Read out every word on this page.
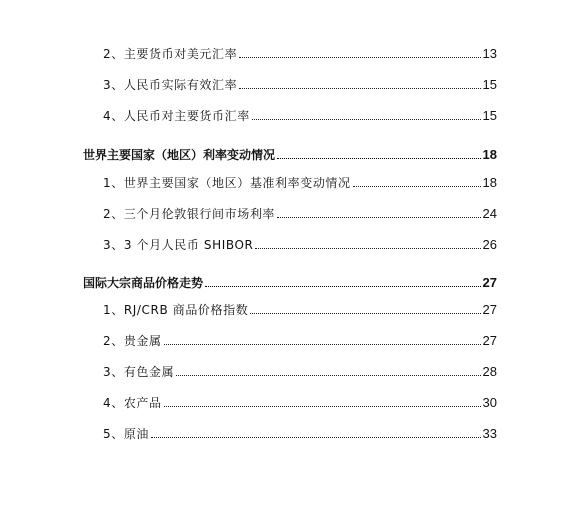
2、主要货币对美元汇率	13
3、人民币实际有效汇率	15
4、人民币对主要货币汇率	15
世界主要国家（地区）利率变动情况	18
1、世界主要国家（地区）基准利率变动情况	18
2、三个月伦敦银行间市场利率	24
3、3 个月人民币 SHIBOR	26
国际大宗商品价格走势	27
1、RJ/CRB 商品价格指数	27
2、贵金属	27
3、有色金属	28
4、农产品	30
5、原油	33
